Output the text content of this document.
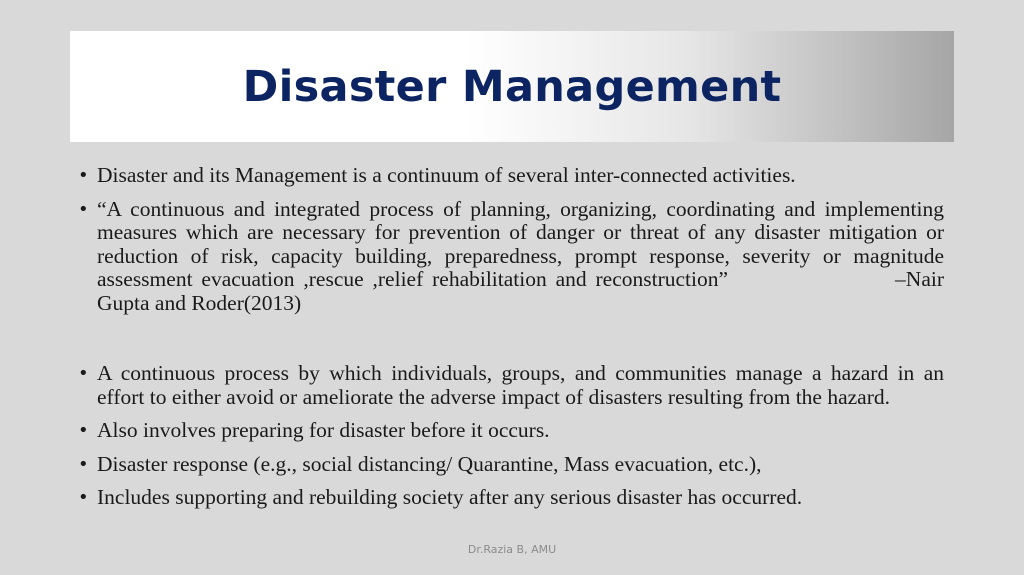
Disaster Management
• Disaster and its Management is a continuum of several inter-connected activities.
• “A continuous and integrated process of planning, organizing, coordinating and implementing measures which are necessary for prevention of danger or threat of any disaster mitigation or reduction of risk, capacity building, preparedness, prompt response, severity or magnitude assessment evacuation ,rescue ,relief rehabilitation and reconstruction”	–Nair Gupta and Roder(2013)
• A continuous process by which individuals, groups, and communities manage a hazard in an effort to either avoid or ameliorate the adverse impact of disasters resulting from the hazard.
• Also involves preparing for disaster before it occurs.
• Disaster response (e.g., social distancing/ Quarantine, Mass evacuation, etc.),
• Includes supporting and rebuilding society after any serious disaster has occurred.
Dr.Razia B, AMU
